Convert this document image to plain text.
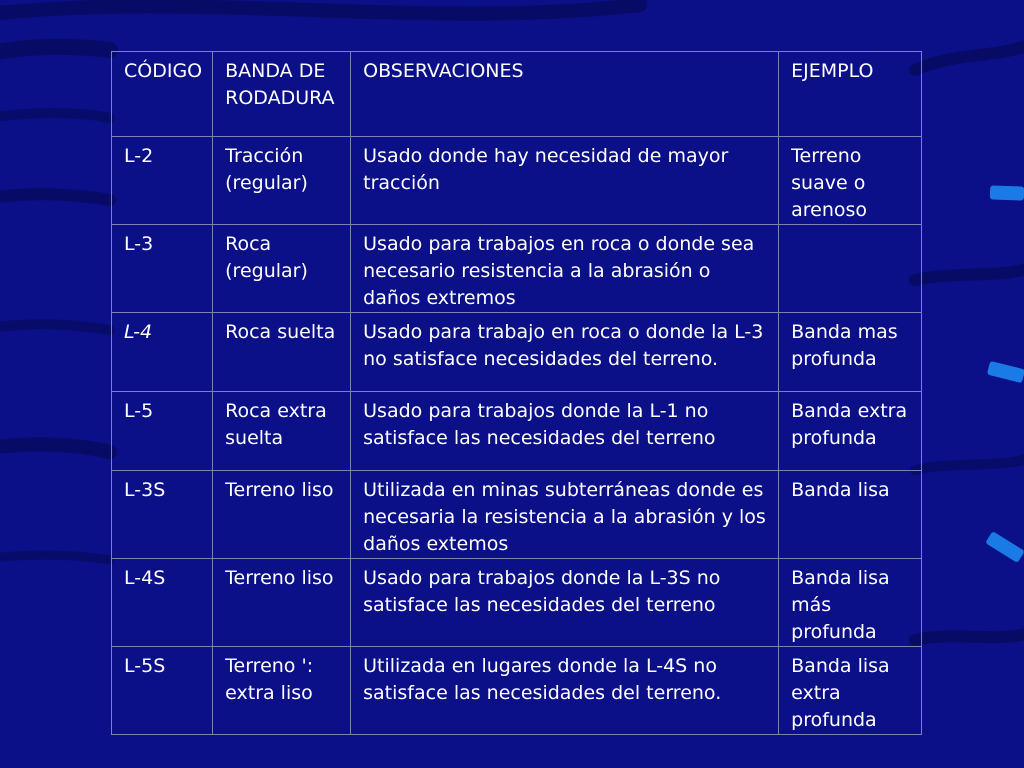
CÓDIGO	BANDA DE RODADURA	OBSERVACIONES	EJEMPLO
L-2	Tracción (regular)	Usado donde hay necesidad de mayor tracción	Terreno suave o arenoso
L-3	Roca (regular)	Usado para trabajos en roca o donde sea necesario resistencia a la abrasión o daños extremos	
L-4	Roca suelta	Usado para trabajo en roca o donde la L-3 no satisface necesidades del terreno.	Banda mas profunda
L-5	Roca extra suelta	Usado para trabajos donde la L-1 no satisface las necesidades del terreno	Banda extra profunda
L-3S	Terreno liso	Utilizada en minas subterráneas donde es necesaria la resistencia a la abrasión y los daños extemos	Banda lisa
L-4S	Terreno liso	Usado para trabajos donde la L-3S no satisface las necesidades del terreno	Banda lisa más profunda
L-5S	Terreno ': extra liso	Utilizada en lugares donde la L-4S no satisface las necesidades del terreno.	Banda lisa extra profunda
